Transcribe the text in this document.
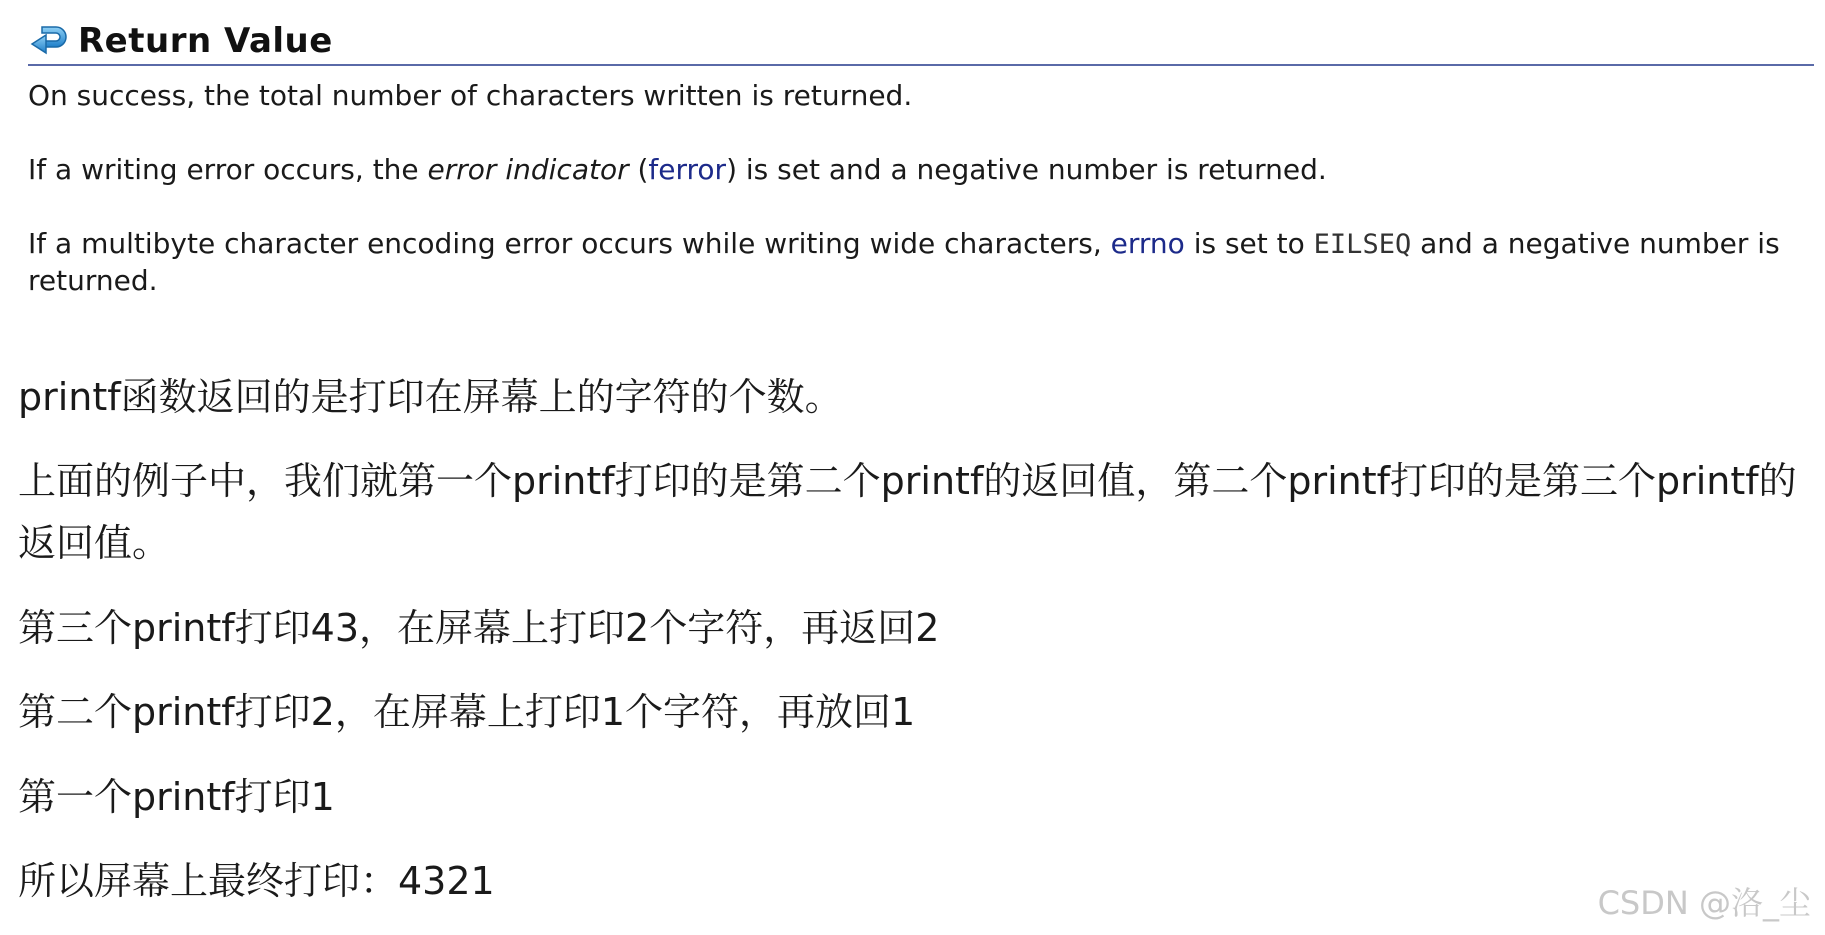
Return Value

On success, the total number of characters written is returned.

If a writing error occurs, the error indicator (ferror) is set and a negative number is returned.

If a multibyte character encoding error occurs while writing wide characters, errno is set to EILSEQ and a negative number is returned.

printf函数返回的是打印在屏幕上的字符的个数。

上面的例子中，我们就第一个printf打印的是第二个printf的返回值，第二个printf打印的是第三个printf的返回值。

第三个printf打印43，在屏幕上打印2个字符，再返回2

第二个printf打印2，在屏幕上打印1个字符，再放回1

第一个printf打印1

所以屏幕上最终打印：4321	CSDN @洛_尘
